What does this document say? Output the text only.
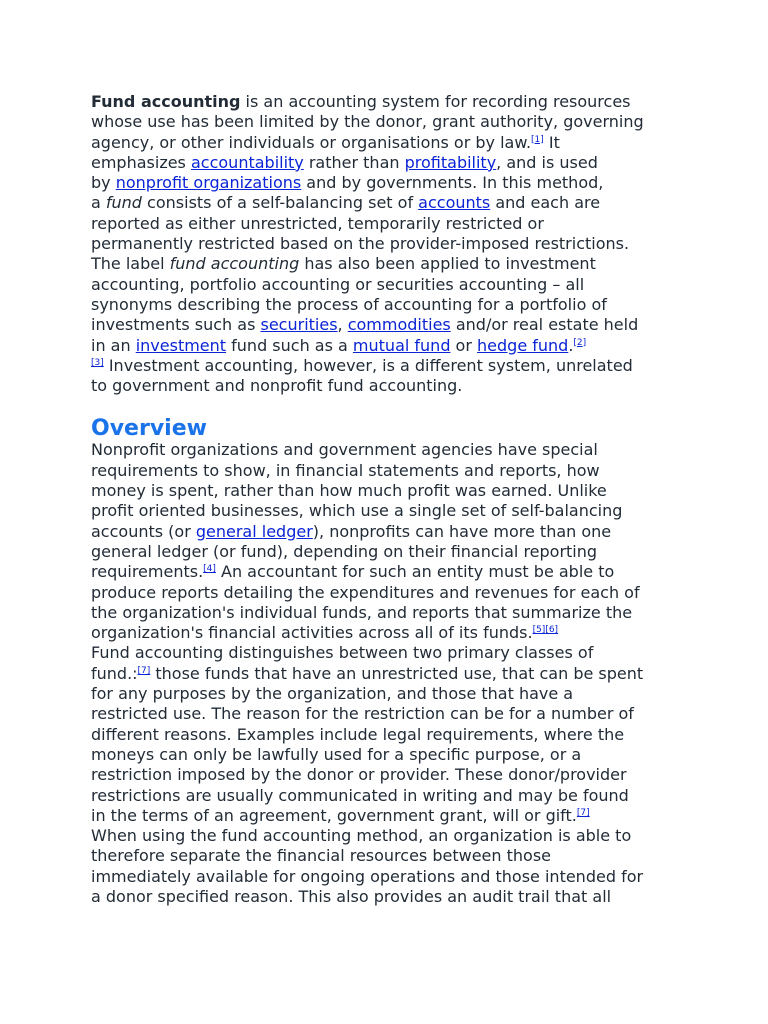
Fund accounting is an accounting system for recording resources
whose use has been limited by the donor, grant authority, governing
agency, or other individuals or organisations or by law.[1] It
emphasizes accountability rather than profitability, and is used
by nonprofit organizations and by governments. In this method,
a fund consists of a self-balancing set of accounts and each are
reported as either unrestricted, temporarily restricted or
permanently restricted based on the provider-imposed restrictions.
The label fund accounting has also been applied to investment
accounting, portfolio accounting or securities accounting – all
synonyms describing the process of accounting for a portfolio of
investments such as securities, commodities and/or real estate held
in an investment fund such as a mutual fund or hedge fund.[2]
[3] Investment accounting, however, is a different system, unrelated
to government and nonprofit fund accounting.
Overview
Nonprofit organizations and government agencies have special
requirements to show, in financial statements and reports, how
money is spent, rather than how much profit was earned. Unlike
profit oriented businesses, which use a single set of self-balancing
accounts (or general ledger), nonprofits can have more than one
general ledger (or fund), depending on their financial reporting
requirements.[4] An accountant for such an entity must be able to
produce reports detailing the expenditures and revenues for each of
the organization's individual funds, and reports that summarize the
organization's financial activities across all of its funds.[5][6]
Fund accounting distinguishes between two primary classes of
fund.:[7] those funds that have an unrestricted use, that can be spent
for any purposes by the organization, and those that have a
restricted use. The reason for the restriction can be for a number of
different reasons. Examples include legal requirements, where the
moneys can only be lawfully used for a specific purpose, or a
restriction imposed by the donor or provider. These donor/provider
restrictions are usually communicated in writing and may be found
in the terms of an agreement, government grant, will or gift.[7]
When using the fund accounting method, an organization is able to
therefore separate the financial resources between those
immediately available for ongoing operations and those intended for
a donor specified reason. This also provides an audit trail that all
